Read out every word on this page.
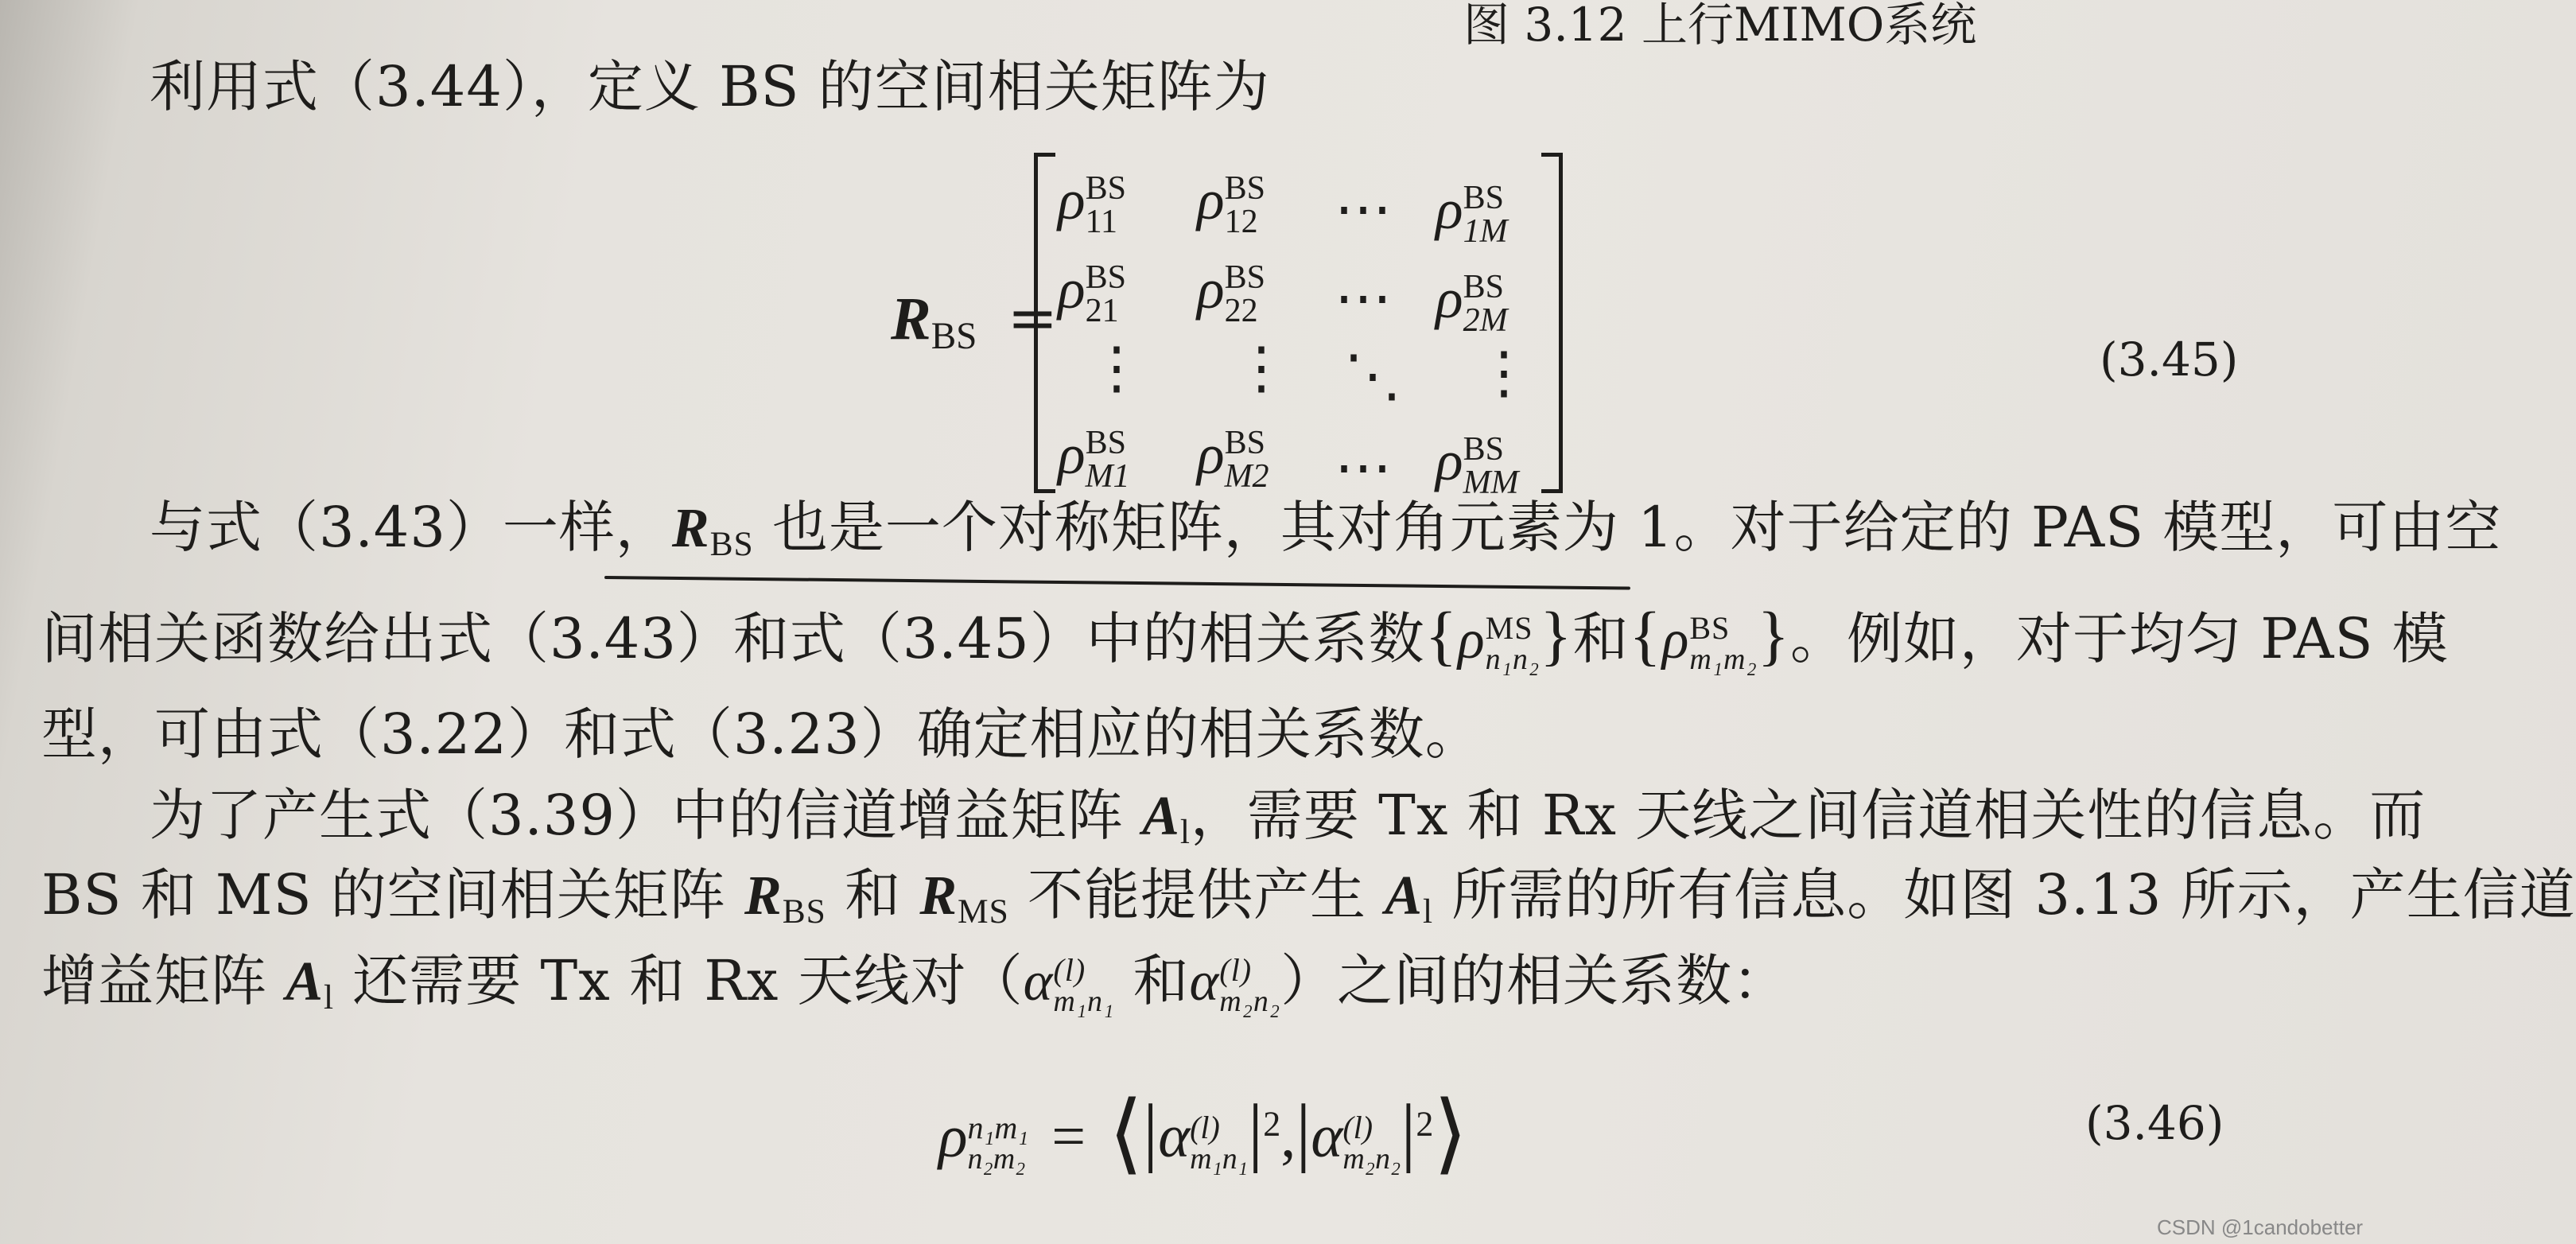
图 3.12 上行MIMO系统
利用式（3.44），定义 BS 的空间相关矩阵为
$R_{BS}$ =
ρ BS
11 ρ BS
12 ⋯ ρ BS
1M
ρ BS
21 ρ BS
22 ⋯ ρ BS
2M
⋮ ⋮ ⋱ ⋮
ρ BS
M1 ρ BS
M2 ⋯ ρ BS
MM
(3.45)
与式（3.43）一样，$R_{BS}$ 也是一个对称矩阵，其对角元素为 1。对于给定的 PAS 模型，可由空
间相关函数给出式（3.43）和式（3.45）中的相关系数{ρ MS
n₁n₂ }和{ρ BS
m₁m₂ }。例如，对于均匀 PAS 模
型，可由式（3.22）和式（3.23）确定相应的相关系数。
为了产生式（3.39）中的信道增益矩阵 $A_l$，需要 Tx 和 Rx 天线之间信道相关性的信息。而
BS 和 MS 的空间相关矩阵 $R_{BS}$ 和 $R_{MS}$ 不能提供产生 $A_l$ 所需的所有信息。如图 3.13 所示，产生信道
增益矩阵 $A_l$ 还需要 Tx 和 Rx 天线对（α (l)
m₁n₁ 和α (l)
m₂n₂ ）之间的相关系数：
ρ n₁m₁
n₂m₂ = ⟨|α (l)
m₁n₁ $|^2,|\alpha$ (l)
m₂n₂ $|^2⟩$	(3.46)
CSDN @1candobetter
